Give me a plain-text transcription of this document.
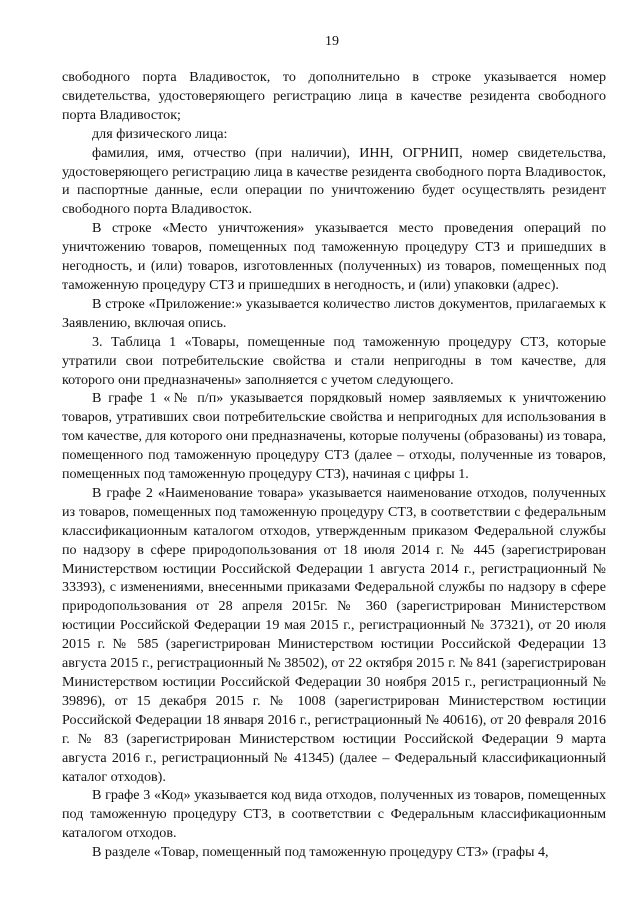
19

свободного порта Владивосток, то дополнительно в строке указывается номер свидетельства, удостоверяющего регистрацию лица в качестве резидента свободного порта Владивосток;

для физического лица:

фамилия, имя, отчество (при наличии), ИНН, ОГРНИП, номер свидетельства, удостоверяющего регистрацию лица в качестве резидента свободного порта Владивосток, и паспортные данные, если операции по уничтожению будет осуществлять резидент свободного порта Владивосток.

В строке «Место уничтожения» указывается место проведения операций по уничтожению товаров, помещенных под таможенную процедуру СТЗ и пришедших в негодность, и (или) товаров, изготовленных (полученных) из товаров, помещенных под таможенную процедуру СТЗ и пришедших в негодность, и (или) упаковки (адрес).

В строке «Приложение:» указывается количество листов документов, прилагаемых к Заявлению, включая опись.

3. Таблица 1 «Товары, помещенные под таможенную процедуру СТЗ, которые утратили свои потребительские свойства и стали непригодны в том качестве, для которого они предназначены» заполняется с учетом следующего.

В графе 1 «№ п/п» указывается порядковый номер заявляемых к уничтожению товаров, утративших свои потребительские свойства и непригодных для использования в том качестве, для которого они предназначены, которые получены (образованы) из товара, помещенного под таможенную процедуру СТЗ (далее – отходы, полученные из товаров, помещенных под таможенную процедуру СТЗ), начиная с цифры 1.

В графе 2 «Наименование товара» указывается наименование отходов, полученных из товаров, помещенных под таможенную процедуру СТЗ, в соответствии с федеральным классификационным каталогом отходов, утвержденным приказом Федеральной службы по надзору в сфере природопользования от 18 июля 2014 г. № 445 (зарегистрирован Министерством юстиции Российской Федерации 1 августа 2014 г., регистрационный № 33393), с изменениями, внесенными приказами Федеральной службы по надзору в сфере природопользования от 28 апреля 2015г. № 360 (зарегистрирован Министерством юстиции Российской Федерации 19 мая 2015 г., регистрационный № 37321), от 20 июля 2015 г. № 585 (зарегистрирован Министерством юстиции Российской Федерации 13 августа 2015 г., регистрационный № 38502), от 22 октября 2015 г. № 841 (зарегистрирован Министерством юстиции Российской Федерации 30 ноября 2015 г., регистрационный № 39896), от 15 декабря 2015 г. № 1008 (зарегистрирован Министерством юстиции Российской Федерации 18 января 2016 г., регистрационный № 40616), от 20 февраля 2016 г. № 83 (зарегистрирован Министерством юстиции Российской Федерации 9 марта августа 2016 г., регистрационный № 41345) (далее – Федеральный классификационный каталог отходов).

В графе 3 «Код» указывается код вида отходов, полученных из товаров, помещенных под таможенную процедуру СТЗ, в соответствии с Федеральным классификационным каталогом отходов.

В разделе «Товар, помещенный под таможенную процедуру СТЗ» (графы 4,
